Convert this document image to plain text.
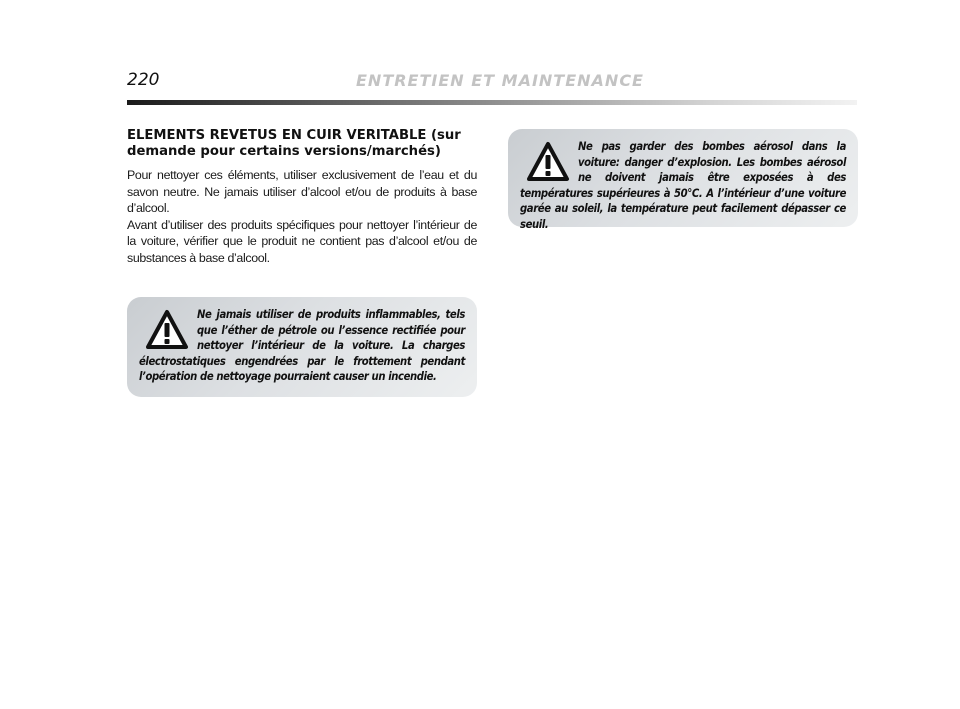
220	ENTRETIEN ET MAINTENANCE
ELEMENTS REVETUS EN CUIR VERITABLE (sur demande pour certains versions/marchés)

Pour nettoyer ces éléments, utiliser exclusivement de l’eau et du savon neutre. Ne jamais utiliser d’alcool et/ou de produits à base d’alcool.

Avant d’utiliser des produits spécifiques pour nettoyer l’intérieur de la voiture, vérifier que le produit ne contient pas d’alcool et/ou de substances à base d’alcool.

Ne jamais utiliser de produits inflammables, tels que l’éther de pétrole ou l’essence rectifiée pour nettoyer l’intérieur de la voiture. La charges électrostatiques engendrées par le frottement pendant l’opération de nettoyage pourraient causer un incendie.

Ne pas garder des bombes aérosol dans la voiture: danger d’explosion. Les bombes aérosol ne doivent jamais être exposées à des températures supérieures à 50°C. A l’intérieur d’une voiture garée au soleil, la température peut facilement dépasser ce seuil.
